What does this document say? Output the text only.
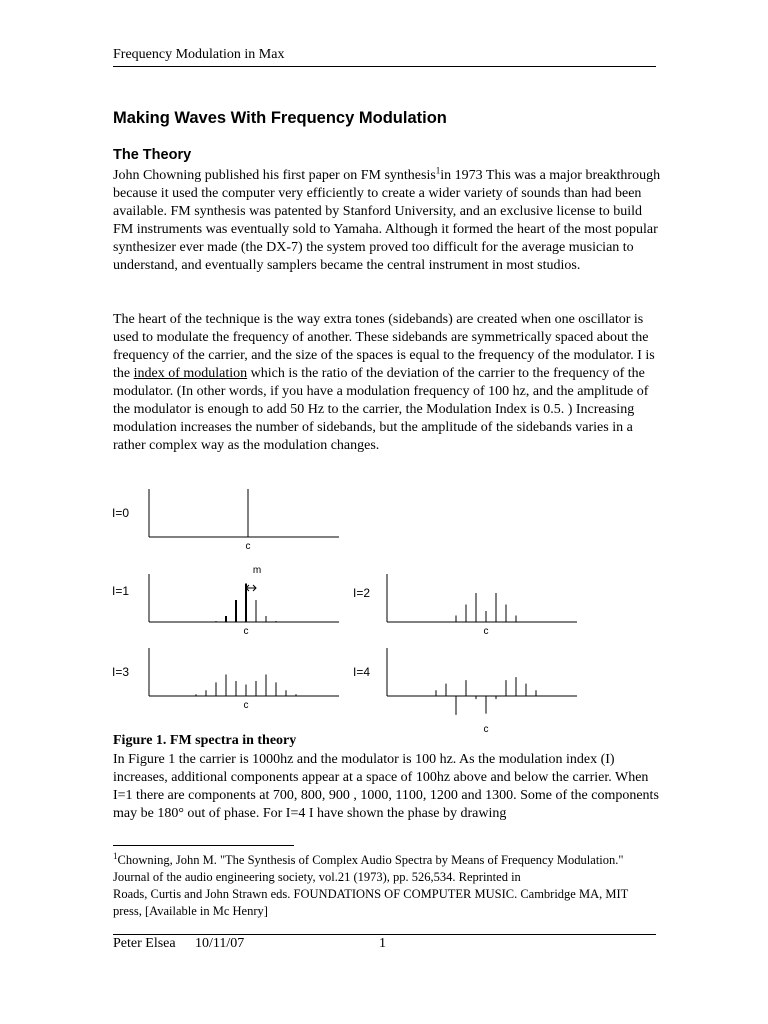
Frequency Modulation in Max
Making Waves With Frequency Modulation
The Theory

John Chowning published his first paper on FM synthesis$^1$in 1973 This was a major breakthrough because it used the computer very efficiently to create a wider variety of sounds than had been available. FM synthesis was patented by Stanford University, and an exclusive license to build FM instruments was eventually sold to Yamaha. Although it formed the heart of the most popular synthesizer ever made (the DX-7) the system proved too difficult for the average musician to understand, and eventually samplers became the central instrument in most studios.

The heart of the technique is the way extra tones (sidebands) are created when one oscillator is used to modulate the frequency of another. These sidebands are symmetrically spaced about the frequency of the carrier, and the size of the spaces is equal to the frequency of the modulator. I is the index of modulation which is the ratio of the deviation of the carrier to the frequency of the modulator. (In other words, if you have a modulation frequency of 100 hz, and the amplitude of the modulator is enough to add 50 Hz to the carrier, the Modulation Index is 0.5. ) Increasing modulation increases the number of sidebands, but the amplitude of the sidebands varies in a rather complex way as the modulation changes.

I=0
c
I=1
c
m
I=2
c
I=3
c
I=4
c
Figure 1. FM spectra in theory

In Figure 1 the carrier is 1000hz and the modulator is 100 hz. As the modulation index (I) increases, additional components appear at a space of 100hz above and below the carrier. When I=1 there are components at 700, 800, 900 , 1000, 1100, 1200 and 1300. Some of the components may be 180° out of phase. For I=4 I have shown the phase by drawing

$^1$Chowning, John M. "The Synthesis of Complex Audio Spectra by Means of Frequency Modulation."
Journal of the audio engineering society, vol.21 (1973), pp. 526,534. Reprinted in
Roads, Curtis and John Strawn eds. FOUNDATIONS OF COMPUTER MUSIC. Cambridge MA, MIT press, [Available in Mc Henry]

Peter Elsea 10/11/07	1
